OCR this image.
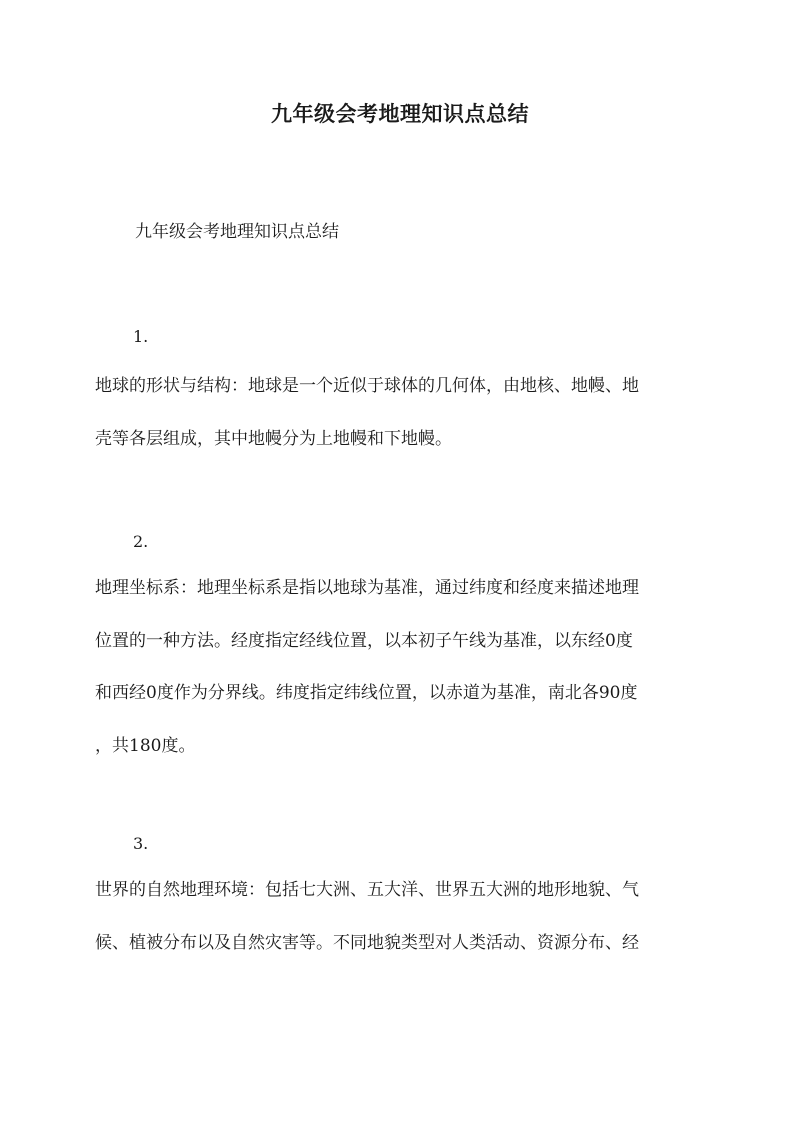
九年级会考地理知识点总结
九年级会考地理知识点总结
1.
地球的形状与结构：地球是一个近似于球体的几何体，由地核、地幔、地
壳等各层组成，其中地幔分为上地幔和下地幔。
2.
地理坐标系：地理坐标系是指以地球为基准，通过纬度和经度来描述地理
位置的一种方法。经度指定经线位置，以本初子午线为基准，以东经0度
和西经0度作为分界线。纬度指定纬线位置，以赤道为基准，南北各90度
，共180度。
3.
世界的自然地理环境：包括七大洲、五大洋、世界五大洲的地形地貌、气
候、植被分布以及自然灾害等。不同地貌类型对人类活动、资源分布、经
